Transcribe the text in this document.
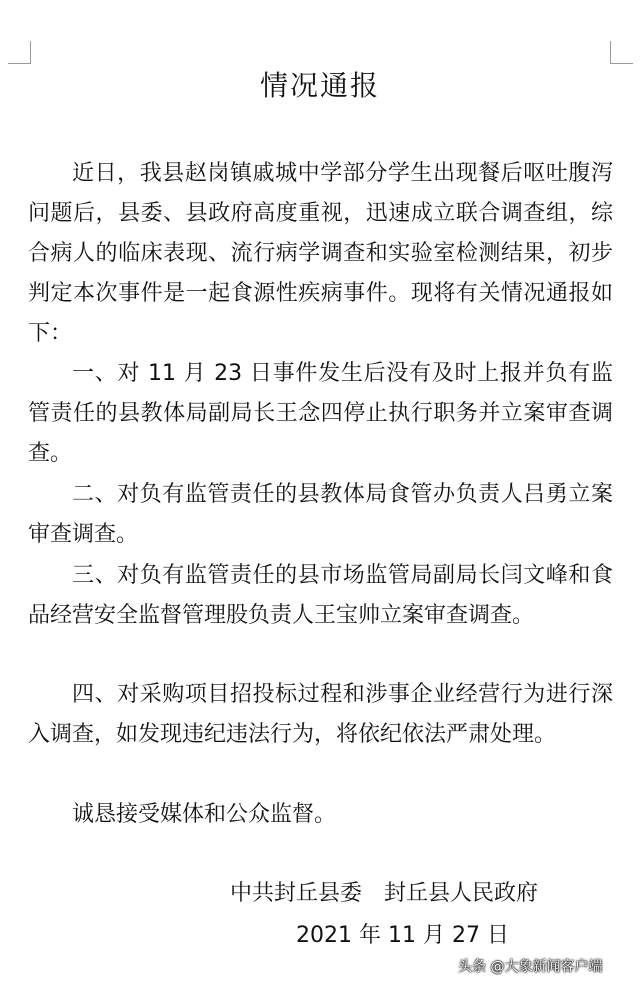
情况通报

近日，我县赵岗镇戚城中学部分学生出现餐后呕吐腹泻问题后，县委、县政府高度重视，迅速成立联合调查组，综合病人的临床表现、流行病学调查和实验室检测结果，初步判定本次事件是一起食源性疾病事件。现将有关情况通报如下：

一、对 11 月 23 日事件发生后没有及时上报并负有监管责任的县教体局副局长王念四停止执行职务并立案审查调查。

二、对负有监管责任的县教体局食管办负责人吕勇立案审查调查。

三、对负有监管责任的县市场监管局副局长闫文峰和食品经营安全监督管理股负责人王宝帅立案审查调查。

四、对采购项目招投标过程和涉事企业经营行为进行深入调查，如发现违纪违法行为，将依纪依法严肃处理。

诚恳接受媒体和公众监督。

中共封丘县委　封丘县人民政府
2021 年 11 月 27 日
头条 @大象新闻客户端
